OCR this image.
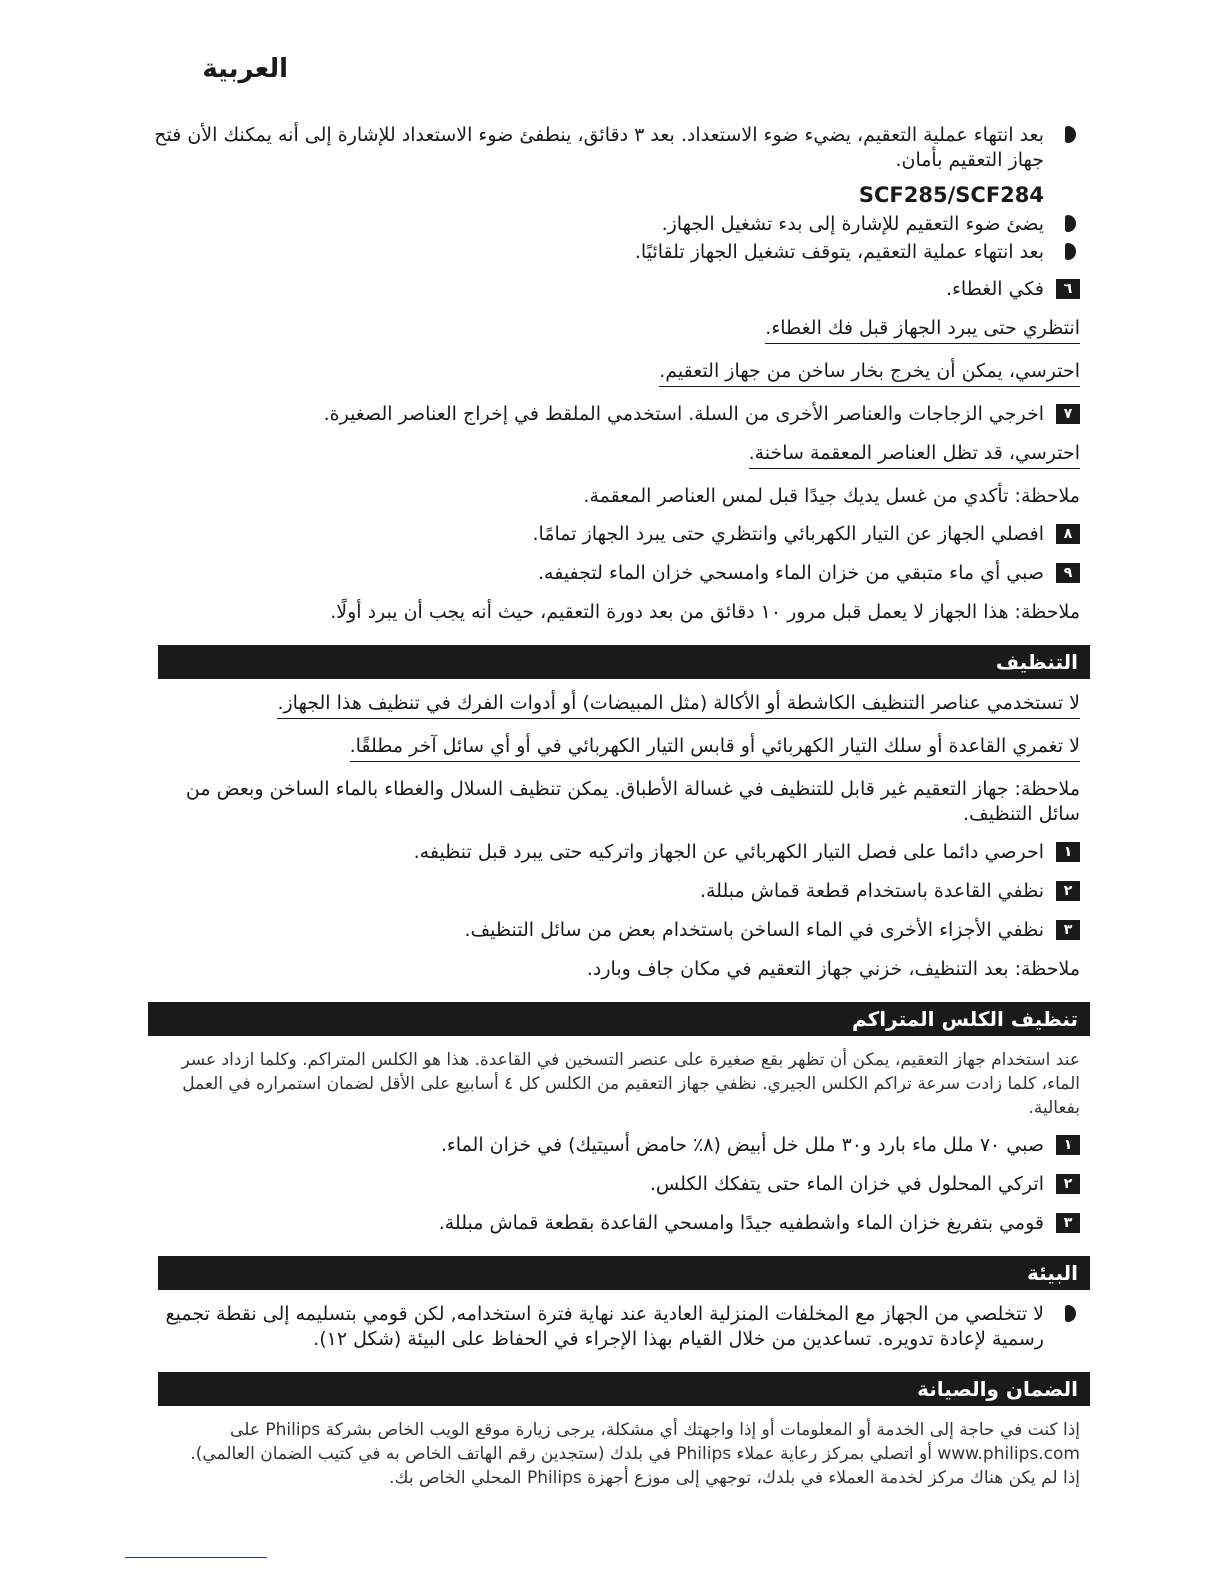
العربية
بعد انتهاء عملية التعقيم، يضيء ضوء الاستعداد. بعد ٣ دقائق، ينطفئ ضوء الاستعداد للإشارة إلى أنه يمكنك الأن فتح جهاز التعقيم بأمان.
SCF285/SCF284
يضئ ضوء التعقيم للإشارة إلى بدء تشغيل الجهاز.
بعد انتهاء عملية التعقيم، يتوقف تشغيل الجهاز تلقائيًا.
٦
فكي الغطاء.
انتظري حتى يبرد الجهاز قبل فك الغطاء.
احترسي، يمكن أن يخرج بخار ساخن من جهاز التعقيم.
٧
اخرجي الزجاجات والعناصر الأخرى من السلة. استخدمي الملقط في إخراج العناصر الصغيرة.
احترسي، قد تظل العناصر المعقمة ساخنة.
ملاحظة: تأكدي من غسل يديك جيدًا قبل لمس العناصر المعقمة.
٨
افصلي الجهاز عن التيار الكهربائي وانتظري حتى يبرد الجهاز تمامًا.
٩
صبي أي ماء متبقي من خزان الماء وامسحي خزان الماء لتجفيفه.
ملاحظة: هذا الجهاز لا يعمل قبل مرور ١٠ دقائق من بعد دورة التعقيم، حيث أنه يجب أن يبرد أولًا.
التنظيف
لا تستخدمي عناصر التنظيف الكاشطة أو الأكالة (مثل المبيضات) أو أدوات الفرك في تنظيف هذا الجهاز.
لا تغمري القاعدة أو سلك التيار الكهربائي أو قابس التيار الكهربائي في أو أي سائل آخر مطلقًا.
ملاحظة: جهاز التعقيم غير قابل للتنظيف في غسالة الأطباق. يمكن تنظيف السلال والغطاء بالماء الساخن وبعض من سائل التنظيف.
١
احرصي دائما على فصل التيار الكهربائي عن الجهاز واتركيه حتى يبرد قبل تنظيفه.
٢
نظفي القاعدة باستخدام قطعة قماش مبللة.
٣
نظفي الأجزاء الأخرى في الماء الساخن باستخدام بعض من سائل التنظيف.
ملاحظة: بعد التنظيف، خزني جهاز التعقيم في مكان جاف وبارد.
تنظيف الكلس المتراكم
عند استخدام جهاز التعقيم، يمكن أن تظهر بقع صغيرة على عنصر التسخين في القاعدة. هذا هو الكلس المتراكم. وكلما ازداد عسر الماء، كلما زادت سرعة تراكم الكلس الجيري. نظفي جهاز التعقيم من الكلس كل ٤ أسابيع على الأقل لضمان استمراره في العمل بفعالية.
١
صبي ٧٠ ملل ماء بارد و٣٠ ملل خل أبيض (٨٪ حامض أسيتيك) في خزان الماء.
٢
اتركي المحلول في خزان الماء حتى يتفكك الكلس.
٣
قومي بتفريغ خزان الماء واشطفيه جيدًا وامسحي القاعدة بقطعة قماش مبللة.
البيئة
لا تتخلصي من الجهاز مع المخلفات المنزلية العادية عند نهاية فترة استخدامه, لكن قومي بتسليمه إلى نقطة تجميع رسمية لإعادة تدويره. تساعدين من خلال القيام بهذا الإجراء في الحفاظ على البيئة (شكل ١٢).
الضمان والصيانة
إذا كنت في حاجة إلى الخدمة أو المعلومات أو إذا واجهتك أي مشكلة، يرجى زيارة موقع الويب الخاص بشركة Philips على www.philips.com أو اتصلي بمركز رعاية عملاء Philips في بلدك (ستجدين رقم الهاتف الخاص به في كتيب الضمان العالمي).
إذا لم يكن هناك مركز لخدمة العملاء في بلدك، توجهي إلى موزع أجهزة Philips المحلي الخاص بك.
